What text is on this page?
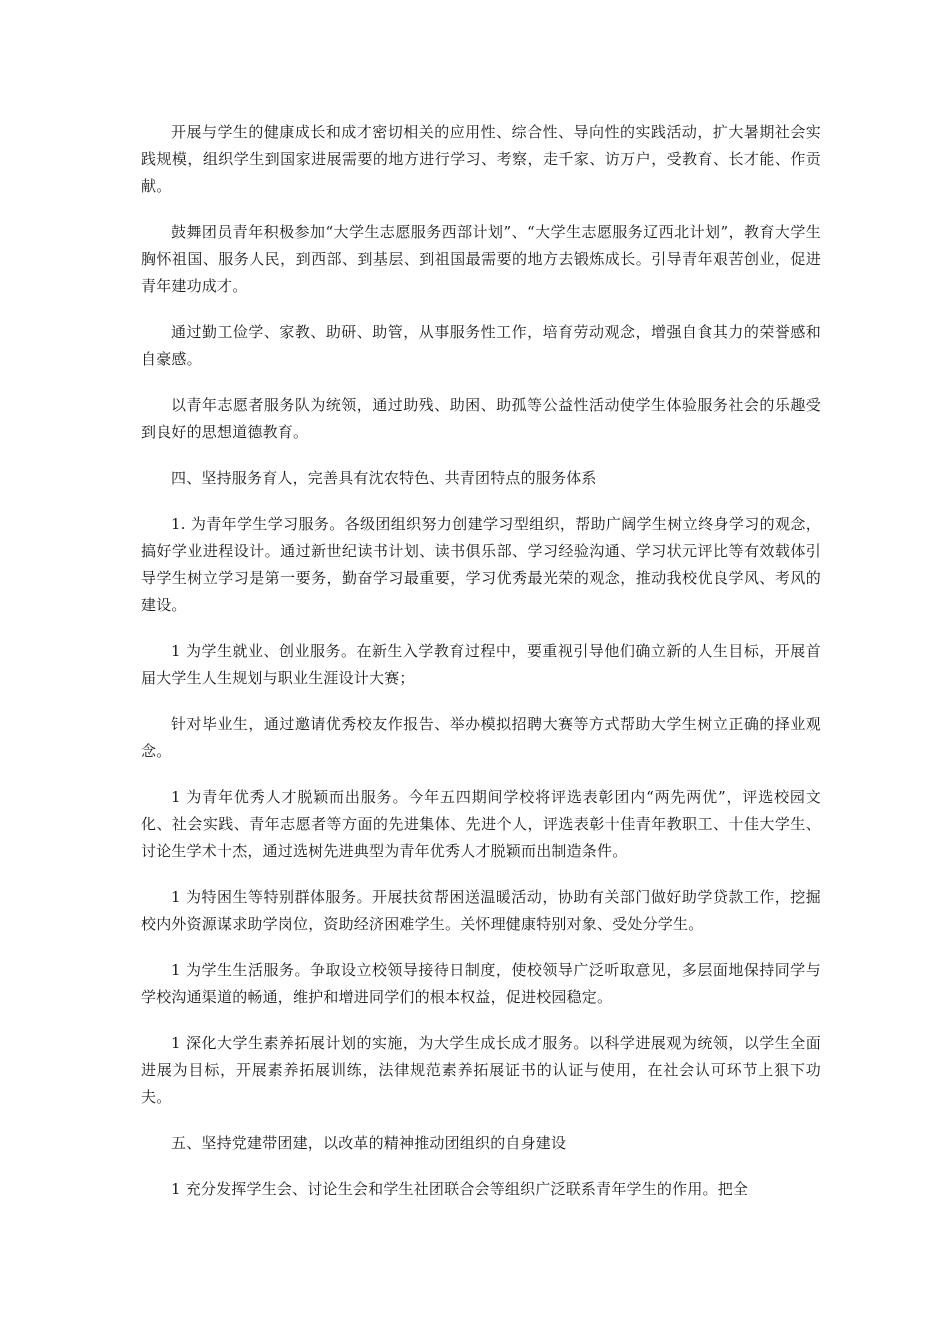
开展与学生的健康成长和成才密切相关的应用性、综合性、导向性的实践活动，扩大暑期社会实践规模，组织学生到国家进展需要的地方进行学习、考察，走千家、访万户，受教育、长才能、作贡献。

鼓舞团员青年积极参加“大学生志愿服务西部计划”、“大学生志愿服务辽西北计划”，教育大学生胸怀祖国、服务人民，到西部、到基层、到祖国最需要的地方去锻炼成长。引导青年艰苦创业，促进青年建功成才。

通过勤工俭学、家教、助研、助管，从事服务性工作，培育劳动观念，增强自食其力的荣誉感和自豪感。

以青年志愿者服务队为统领，通过助残、助困、助孤等公益性活动使学生体验服务社会的乐趣受到良好的思想道德教育。

四、坚持服务育人，完善具有沈农特色、共青团特点的服务体系

1. 为青年学生学习服务。各级团组织努力创建学习型组织，帮助广阔学生树立终身学习的观念，搞好学业进程设计。通过新世纪读书计划、读书俱乐部、学习经验沟通、学习状元评比等有效载体引导学生树立学习是第一要务，勤奋学习最重要，学习优秀最光荣的观念，推动我校优良学风、考风的建设。

1 为学生就业、创业服务。在新生入学教育过程中，要重视引导他们确立新的人生目标，开展首届大学生人生规划与职业生涯设计大赛；

针对毕业生，通过邀请优秀校友作报告、举办模拟招聘大赛等方式帮助大学生树立正确的择业观念。

1 为青年优秀人才脱颖而出服务。今年五四期间学校将评选表彰团内“两先两优”，评选校园文化、社会实践、青年志愿者等方面的先进集体、先进个人，评选表彰十佳青年教职工、十佳大学生、讨论生学术十杰，通过选树先进典型为青年优秀人才脱颖而出制造条件。

1 为特困生等特别群体服务。开展扶贫帮困送温暖活动，协助有关部门做好助学贷款工作，挖掘校内外资源谋求助学岗位，资助经济困难学生。关怀理健康特别对象、受处分学生。

1 为学生生活服务。争取设立校领导接待日制度，使校领导广泛听取意见，多层面地保持同学与学校沟通渠道的畅通，维护和增进同学们的根本权益，促进校园稳定。

1 深化大学生素养拓展计划的实施，为大学生成长成才服务。以科学进展观为统领，以学生全面进展为目标，开展素养拓展训练，法律规范素养拓展证书的认证与使用，在社会认可环节上狠下功夫。

五、坚持党建带团建，以改革的精神推动团组织的自身建设

1 充分发挥学生会、讨论生会和学生社团联合会等组织广泛联系青年学生的作用。把全
